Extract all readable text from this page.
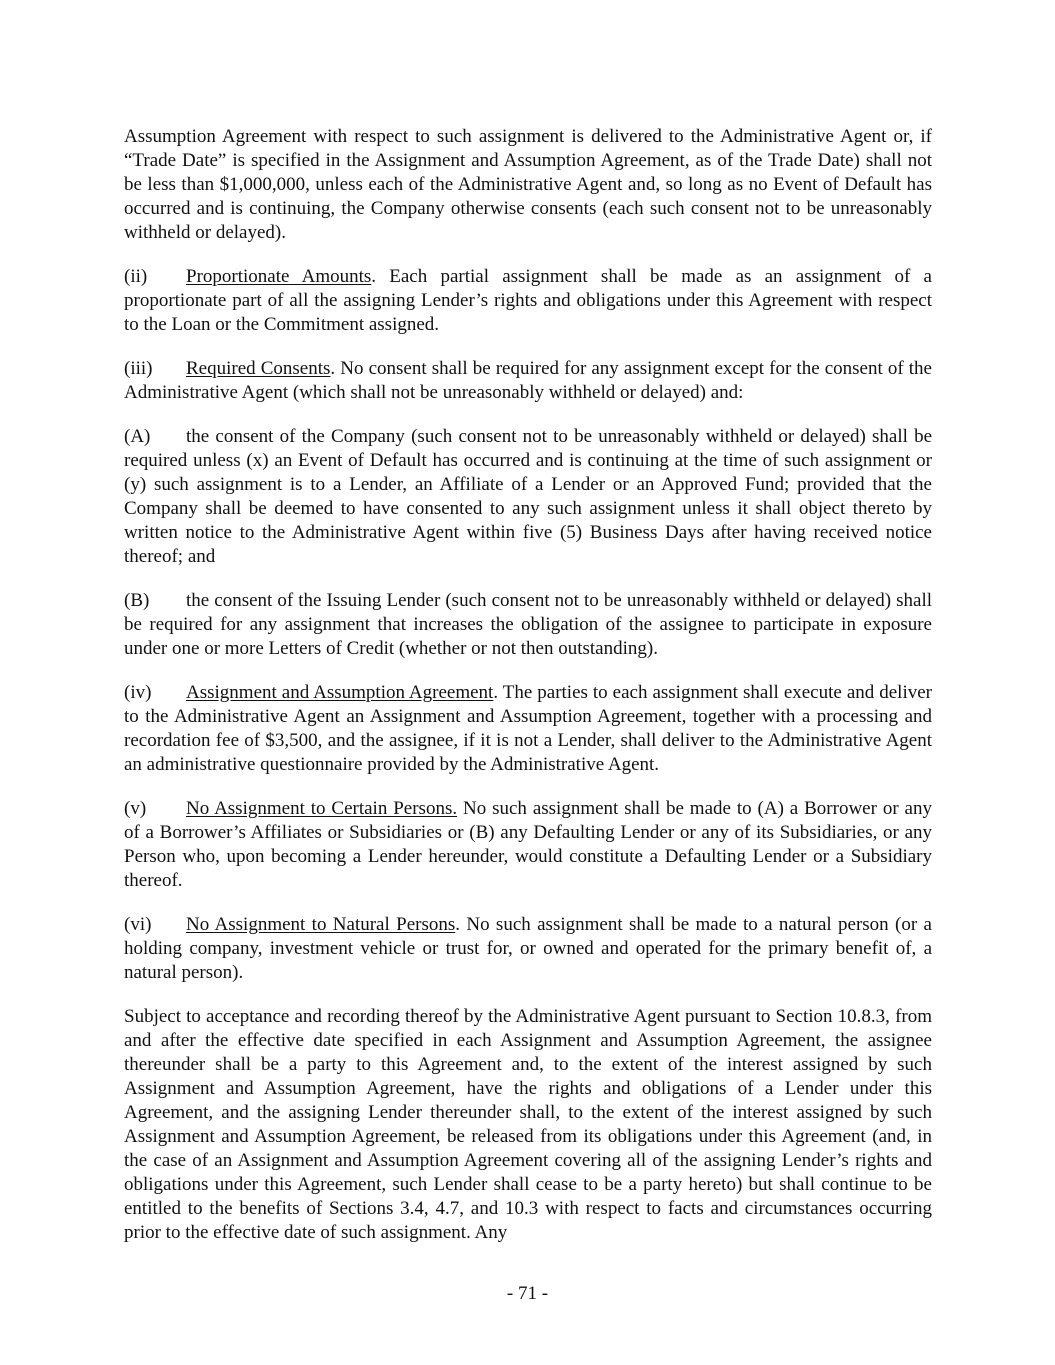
Assumption Agreement with respect to such assignment is delivered to the Administrative Agent or, if “Trade Date” is specified in the Assignment and Assumption Agreement, as of the Trade Date) shall not be less than $1,000,000, unless each of the Administrative Agent and, so long as no Event of Default has occurred and is continuing, the Company otherwise consents (each such consent not to be unreasonably withheld or delayed).

(ii) Proportionate Amounts. Each partial assignment shall be made as an assignment of a proportionate part of all the assigning Lender’s rights and obligations under this Agreement with respect to the Loan or the Commitment assigned.

(iii) Required Consents. No consent shall be required for any assignment except for the consent of the Administrative Agent (which shall not be unreasonably withheld or delayed) and:

(A) the consent of the Company (such consent not to be unreasonably withheld or delayed) shall be required unless (x) an Event of Default has occurred and is continuing at the time of such assignment or (y) such assignment is to a Lender, an Affiliate of a Lender or an Approved Fund; provided that the Company shall be deemed to have consented to any such assignment unless it shall object thereto by written notice to the Administrative Agent within five (5) Business Days after having received notice thereof; and

(B) the consent of the Issuing Lender (such consent not to be unreasonably withheld or delayed) shall be required for any assignment that increases the obligation of the assignee to participate in exposure under one or more Letters of Credit (whether or not then outstanding).

(iv) Assignment and Assumption Agreement. The parties to each assignment shall execute and deliver to the Administrative Agent an Assignment and Assumption Agreement, together with a processing and recordation fee of $3,500, and the assignee, if it is not a Lender, shall deliver to the Administrative Agent an administrative questionnaire provided by the Administrative Agent.

(v) No Assignment to Certain Persons. No such assignment shall be made to (A) a Borrower or any of a Borrower’s Affiliates or Subsidiaries or (B) any Defaulting Lender or any of its Subsidiaries, or any Person who, upon becoming a Lender hereunder, would constitute a Defaulting Lender or a Subsidiary thereof.

(vi) No Assignment to Natural Persons. No such assignment shall be made to a natural person (or a holding company, investment vehicle or trust for, or owned and operated for the primary benefit of, a natural person).

Subject to acceptance and recording thereof by the Administrative Agent pursuant to Section 10.8.3, from and after the effective date specified in each Assignment and Assumption Agreement, the assignee thereunder shall be a party to this Agreement and, to the extent of the interest assigned by such Assignment and Assumption Agreement, have the rights and obligations of a Lender under this Agreement, and the assigning Lender thereunder shall, to the extent of the interest assigned by such Assignment and Assumption Agreement, be released from its obligations under this Agreement (and, in the case of an Assignment and Assumption Agreement covering all of the assigning Lender’s rights and obligations under this Agreement, such Lender shall cease to be a party hereto) but shall continue to be entitled to the benefits of Sections 3.4, 4.7, and 10.3 with respect to facts and circumstances occurring prior to the effective date of such assignment. Any

- 71 -
